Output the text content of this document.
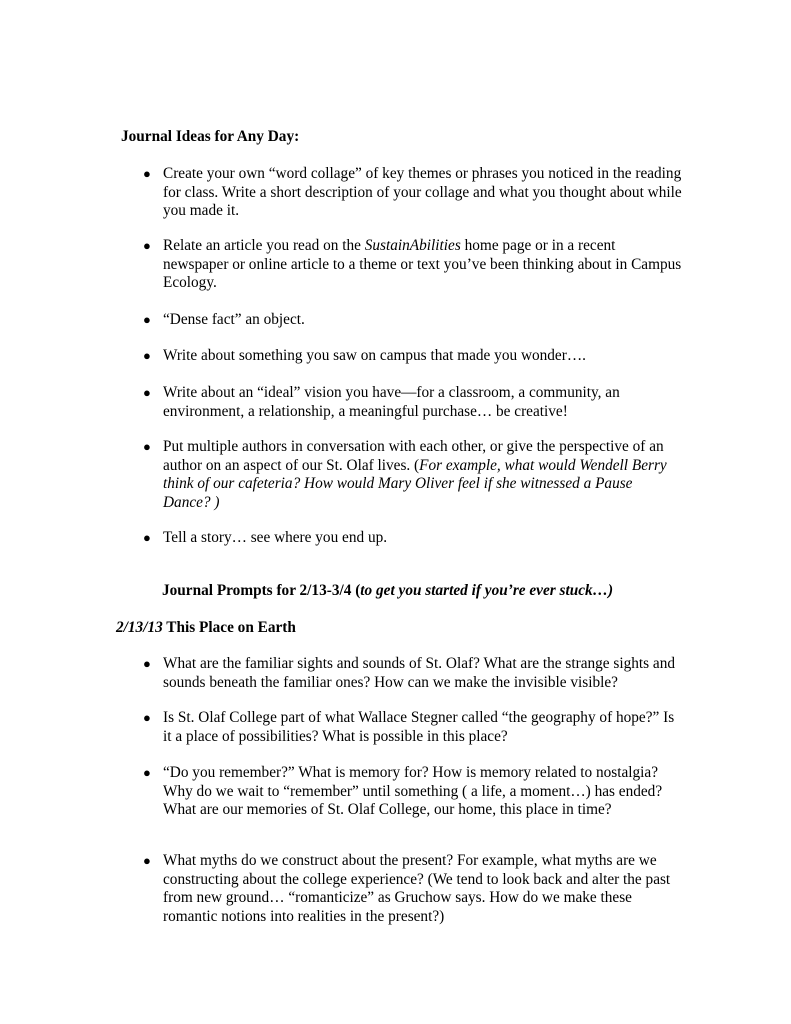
Journal Ideas for Any Day:
● Create your own “word collage” of key themes or phrases you noticed in the reading for class. Write a short description of your collage and what you thought about while you made it.
● Relate an article you read on the SustainAbilities home page or in a recent newspaper or online article to a theme or text you’ve been thinking about in Campus Ecology.
● “Dense fact” an object.
● Write about something you saw on campus that made you wonder….
● Write about an “ideal” vision you have—for a classroom, a community, an environment, a relationship, a meaningful purchase… be creative!
● Put multiple authors in conversation with each other, or give the perspective of an author on an aspect of our St. Olaf lives. (For example, what would Wendell Berry think of our cafeteria? How would Mary Oliver feel if she witnessed a Pause Dance? )
● Tell a story… see where you end up.
Journal Prompts for 2/13-3/4 (to get you started if you’re ever stuck…)
2/13/13 This Place on Earth
● What are the familiar sights and sounds of St. Olaf? What are the strange sights and sounds beneath the familiar ones? How can we make the invisible visible?
● Is St. Olaf College part of what Wallace Stegner called “the geography of hope?” Is it a place of possibilities? What is possible in this place?
● “Do you remember?” What is memory for? How is memory related to nostalgia? Why do we wait to “remember” until something ( a life, a moment…) has ended? What are our memories of St. Olaf College, our home, this place in time?
● What myths do we construct about the present? For example, what myths are we constructing about the college experience? (We tend to look back and alter the past from new ground… “romanticize” as Gruchow says. How do we make these romantic notions into realities in the present?)
